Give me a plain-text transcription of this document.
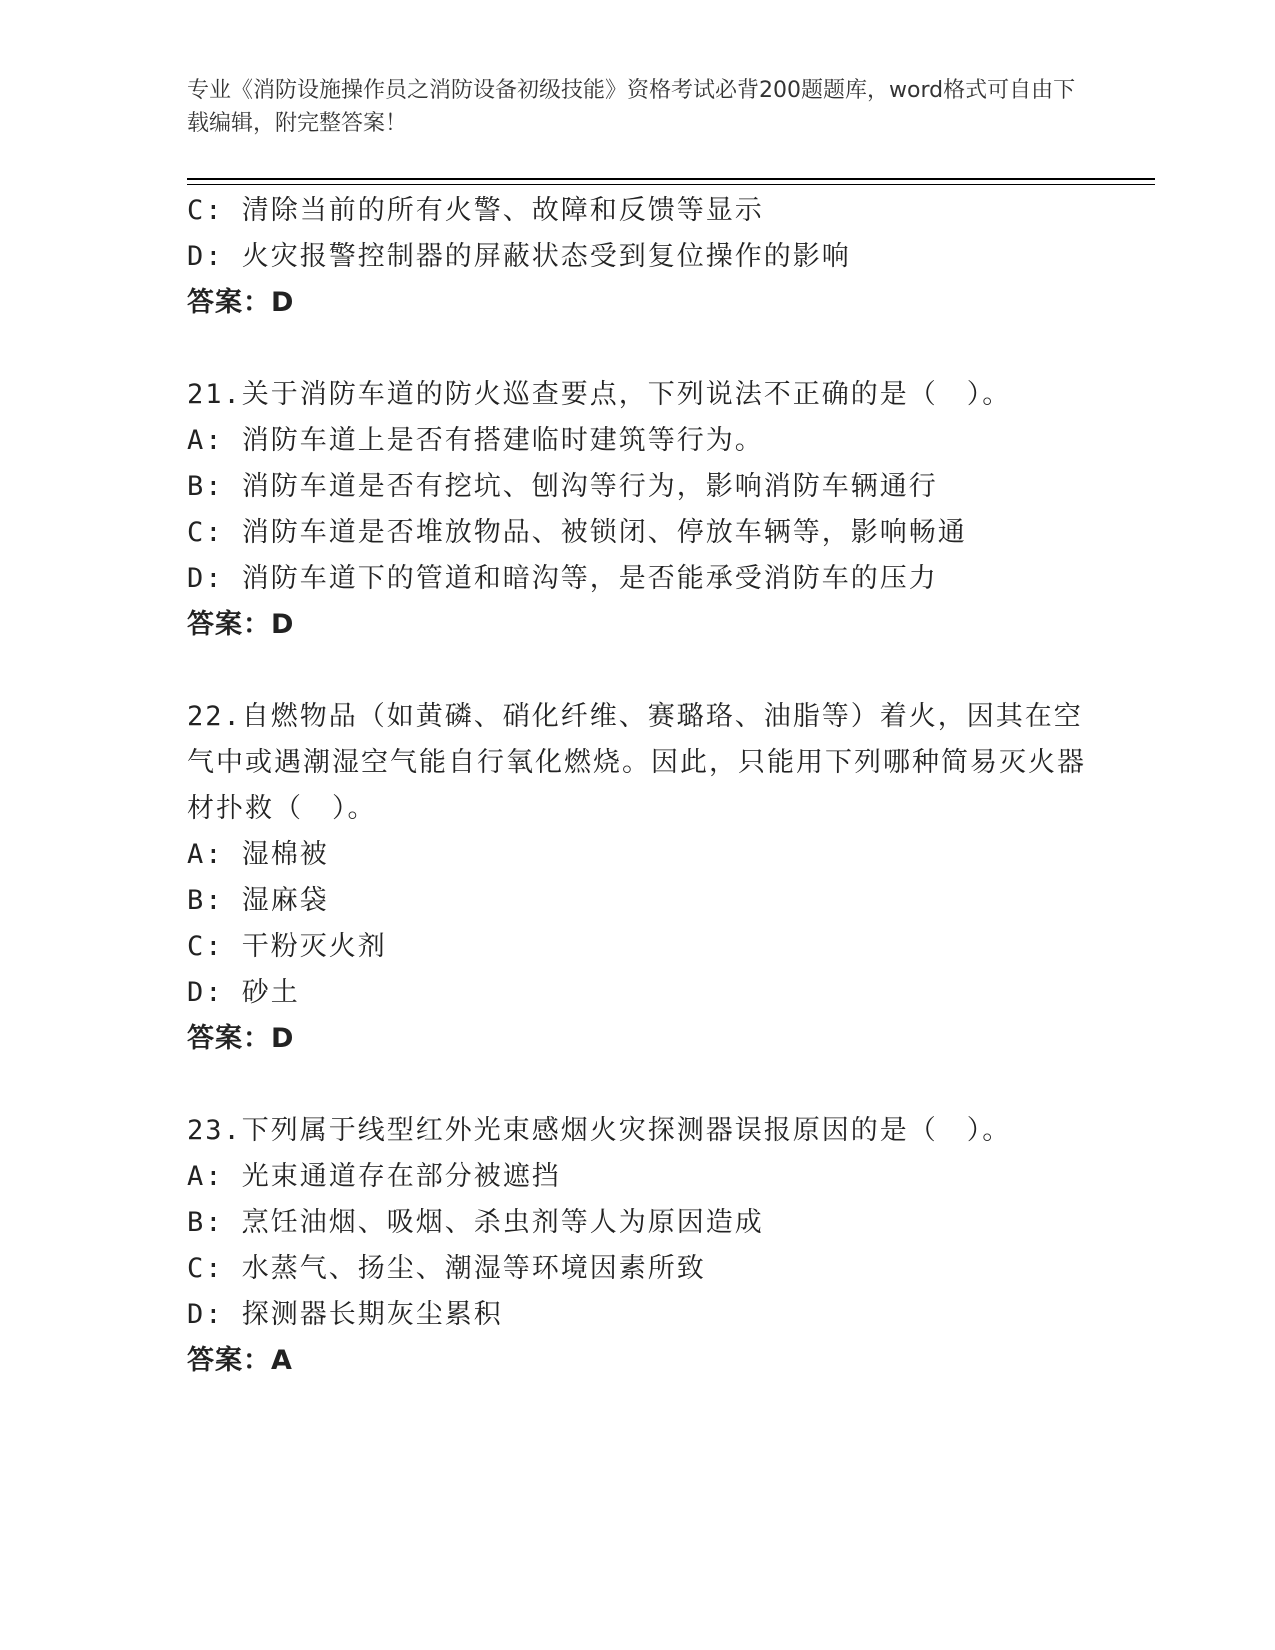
专业《消防设施操作员之消防设备初级技能》资格考试必背200题题库，word格式可自由下载编辑，附完整答案！
C: 清除当前的所有火警、故障和反馈等显示
D: 火灾报警控制器的屏蔽状态受到复位操作的影响
答案：D
21.关于消防车道的防火巡查要点，下列说法不正确的是（　）。
A: 消防车道上是否有搭建临时建筑等行为。
B: 消防车道是否有挖坑、刨沟等行为，影响消防车辆通行
C: 消防车道是否堆放物品、被锁闭、停放车辆等，影响畅通
D: 消防车道下的管道和暗沟等，是否能承受消防车的压力
答案：D
22.自燃物品（如黄磷、硝化纤维、赛璐珞、油脂等）着火，因其在空气中或遇潮湿空气能自行氧化燃烧。因此，只能用下列哪种简易灭火器材扑救（　）。
A: 湿棉被
B: 湿麻袋
C: 干粉灭火剂
D: 砂土
答案：D
23.下列属于线型红外光束感烟火灾探测器误报原因的是（　）。
A: 光束通道存在部分被遮挡
B: 烹饪油烟、吸烟、杀虫剂等人为原因造成
C: 水蒸气、扬尘、潮湿等环境因素所致
D: 探测器长期灰尘累积
答案：A
